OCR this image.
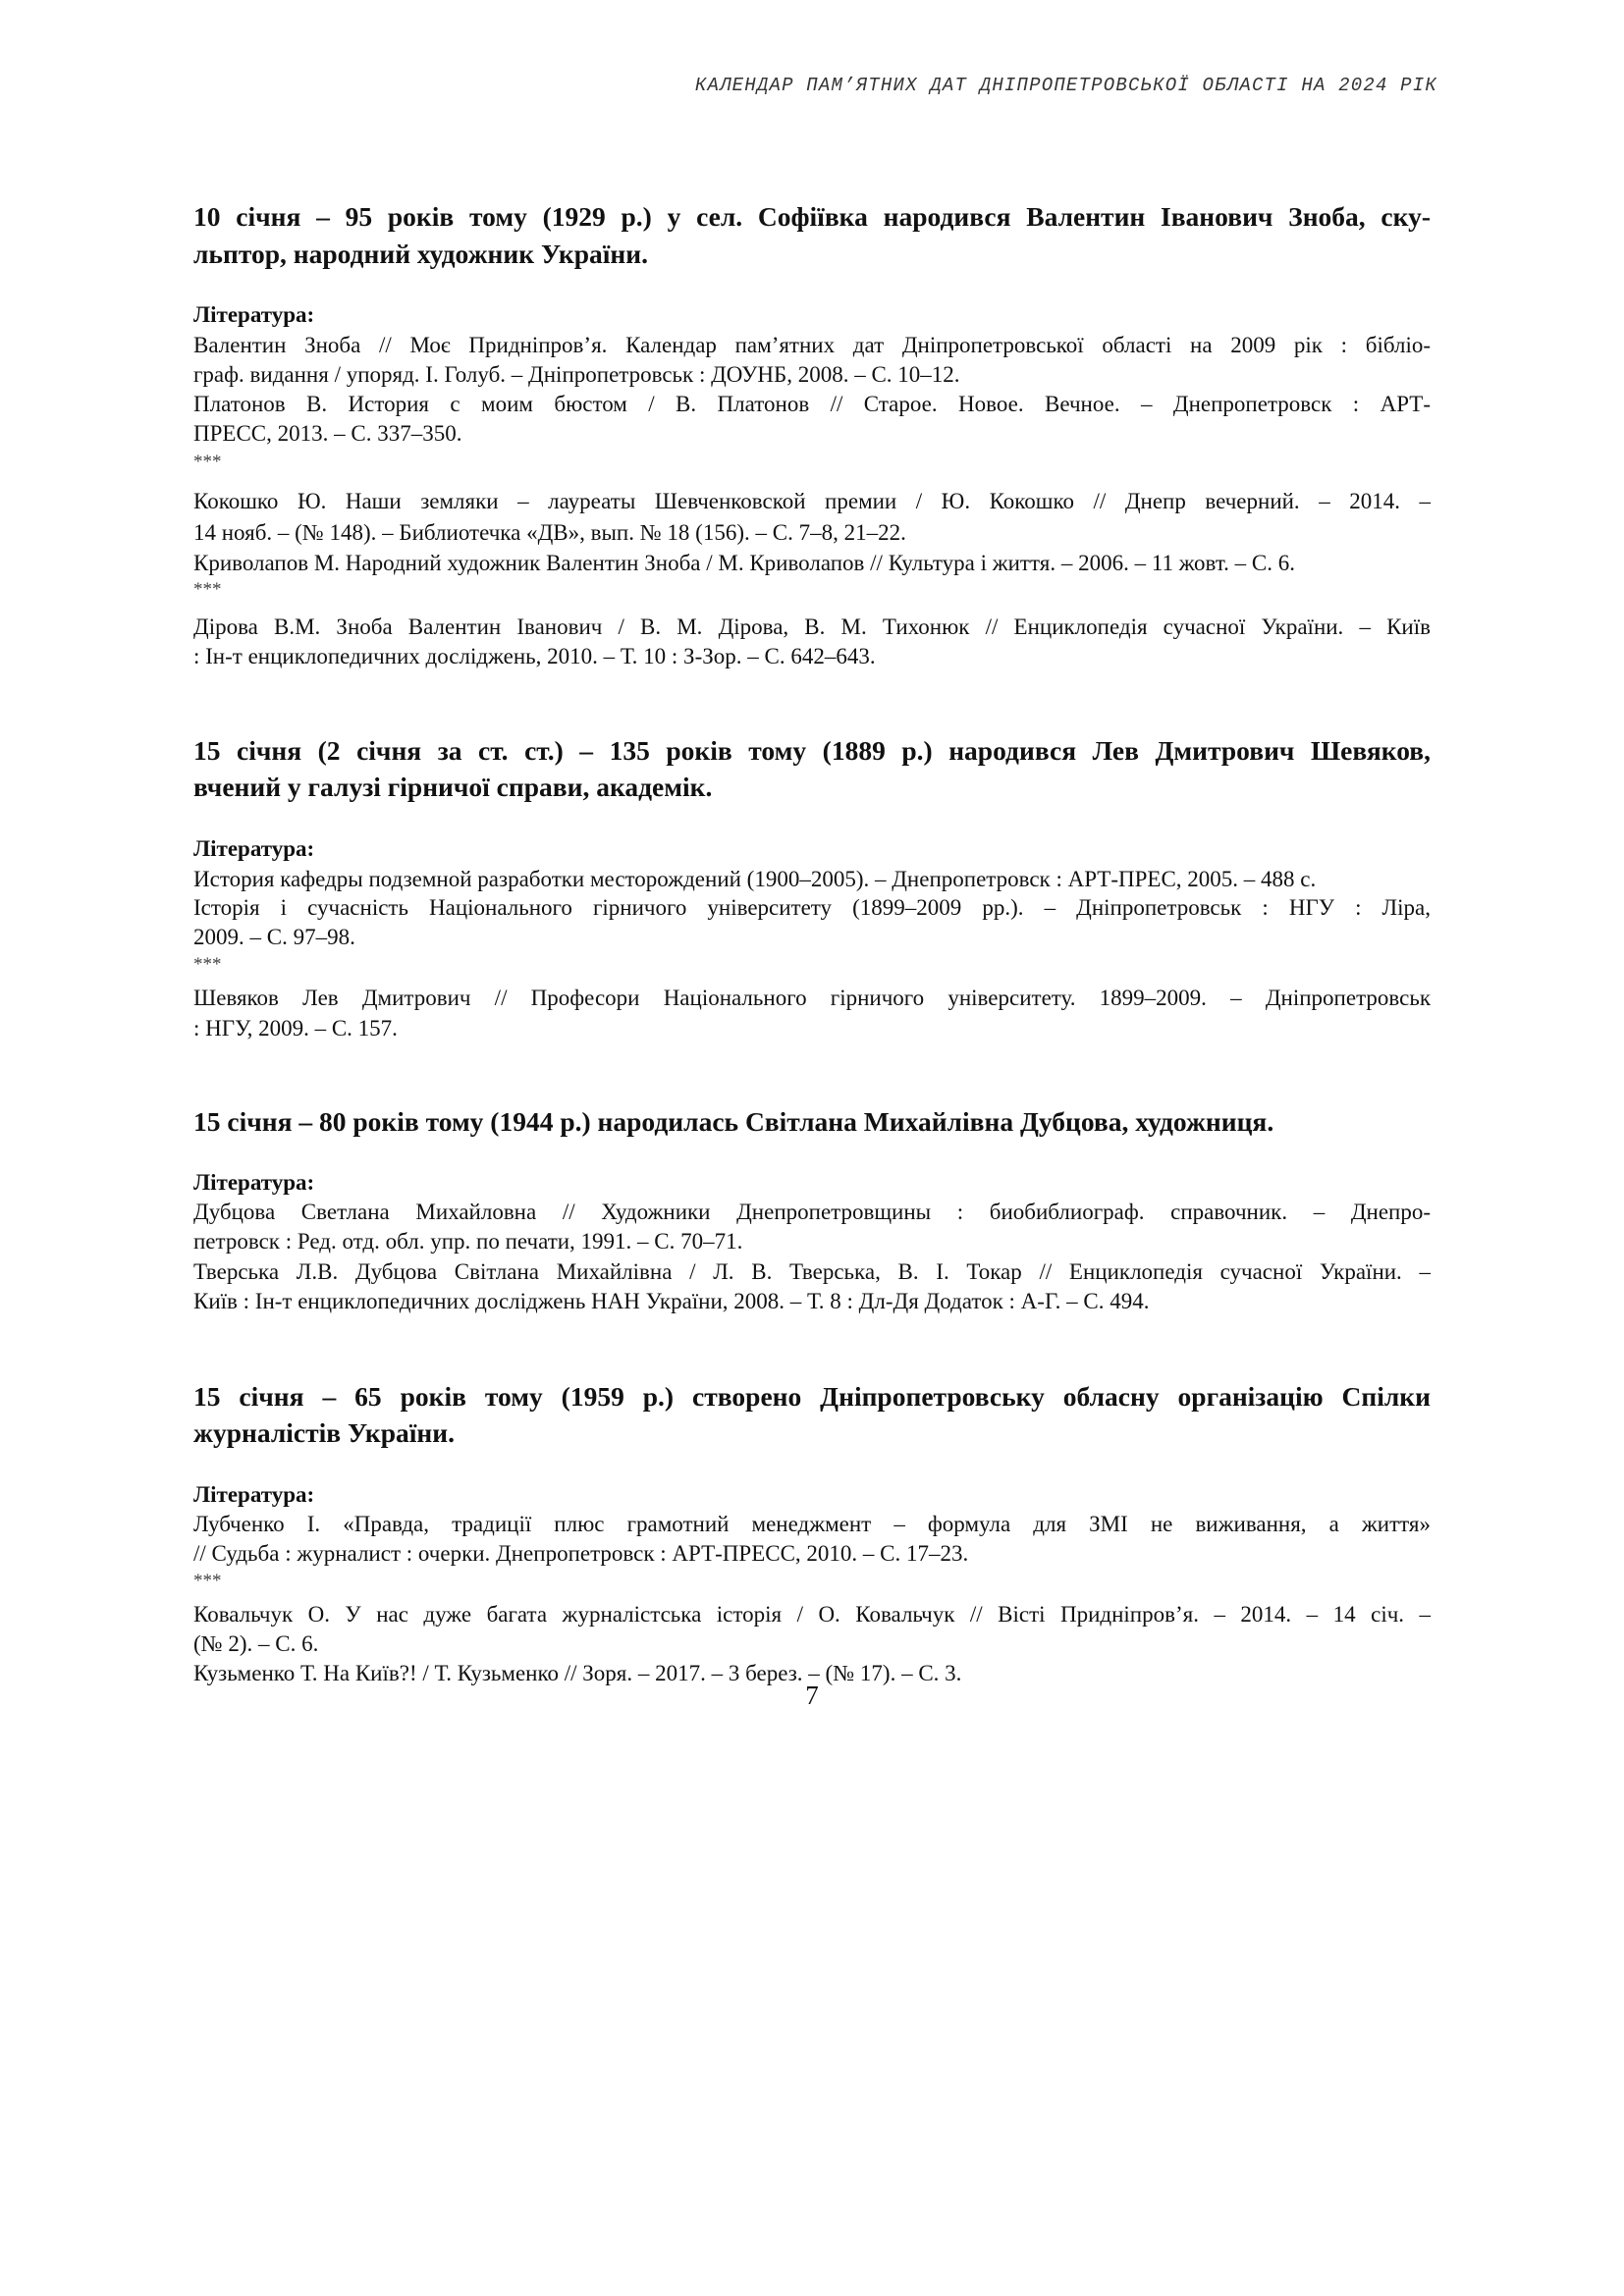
КАЛЕНДАР ПАМ’ЯТНИХ ДАТ ДНІПРОПЕТРОВСЬКОЇ ОБЛАСТІ НА 2024 РІК
10 січня – 95 років тому (1929 р.) у сел. Софіївка народився Валентин Іванович Зноба, ску-
льптор, народний художник України.
Література:
Валентин Зноба // Моє Придніпров’я. Календар пам’ятних дат Дніпропетровської області на 2009 рік : бібліо-
граф. видання / упоряд. І. Голуб. – Дніпропетровськ : ДОУНБ, 2008. – С. 10–12.
Платонов В. История с моим бюстом / В. Платонов // Старое. Новое. Вечное. – Днепропетровск : АРТ-
ПРЕСС, 2013. – С. 337–350.
***
Кокошко Ю. Наши земляки – лауреаты Шевченковской премии / Ю. Кокошко // Днепр вечерний. – 2014. –
14 нояб. – (№ 148). – Библиотечка «ДВ», вып. № 18 (156). – С. 7–8, 21–22.
Криволапов М. Народний художник Валентин Зноба / М. Криволапов // Культура і життя. – 2006. – 11 жовт. – С. 6.
***
Дірова В.М. Зноба Валентин Іванович / В. М. Дірова, В. М. Тихонюк // Енциклопедія сучасної України. – Київ
: Ін-т енциклопедичних досліджень, 2010. – Т. 10 : З-Зор. – С. 642–643.
15 січня (2 січня за ст. ст.) – 135 років тому (1889 р.) народився Лев Дмитрович Шевяков,
вчений у галузі гірничої справи, академік.
Література:
История кафедры подземной разработки месторождений (1900–2005). – Днепропетровск : АРТ-ПРЕС, 2005. – 488 с.
Історія і сучасність Національного гірничого університету (1899–2009 рр.). – Дніпропетровськ : НГУ : Ліра,
2009. – С. 97–98.
***
Шевяков Лев Дмитрович // Професори Національного гірничого університету. 1899–2009. – Дніпропетровськ
: НГУ, 2009. – С. 157.
15 січня – 80 років тому (1944 р.) народилась Світлана Михайлівна Дубцова, художниця.
Література:
Дубцова Светлана Михайловна // Художники Днепропетровщины : биобиблиограф. справочник. – Днепро-
петровск : Ред. отд. обл. упр. по печати, 1991. – С. 70–71.
Тверська Л.В. Дубцова Світлана Михайлівна / Л. В. Тверська, В. І. Токар // Енциклопедія сучасної України. –
Київ : Ін-т енциклопедичних досліджень НАН України, 2008. – Т. 8 : Дл-Дя Додаток : А-Г. – С. 494.
15 січня – 65 років тому (1959 р.) створено Дніпропетровську обласну організацію Спілки
журналістів України.
Література:
Лубченко І. «Правда, традиції плюс грамотний менеджмент – формула для ЗМІ не виживання, а життя»
// Судьба : журналист : очерки. Днепропетровск : АРТ-ПРЕСС, 2010. – С. 17–23.
***
Ковальчук О. У нас дуже багата журналістська історія / О. Ковальчук // Вісті Придніпров’я. – 2014. – 14 січ. –
(№ 2). – С. 6.
Кузьменко Т. На Київ?! / Т. Кузьменко // Зоря. – 2017. – 3 берез. – (№ 17). – С. 3.
7
